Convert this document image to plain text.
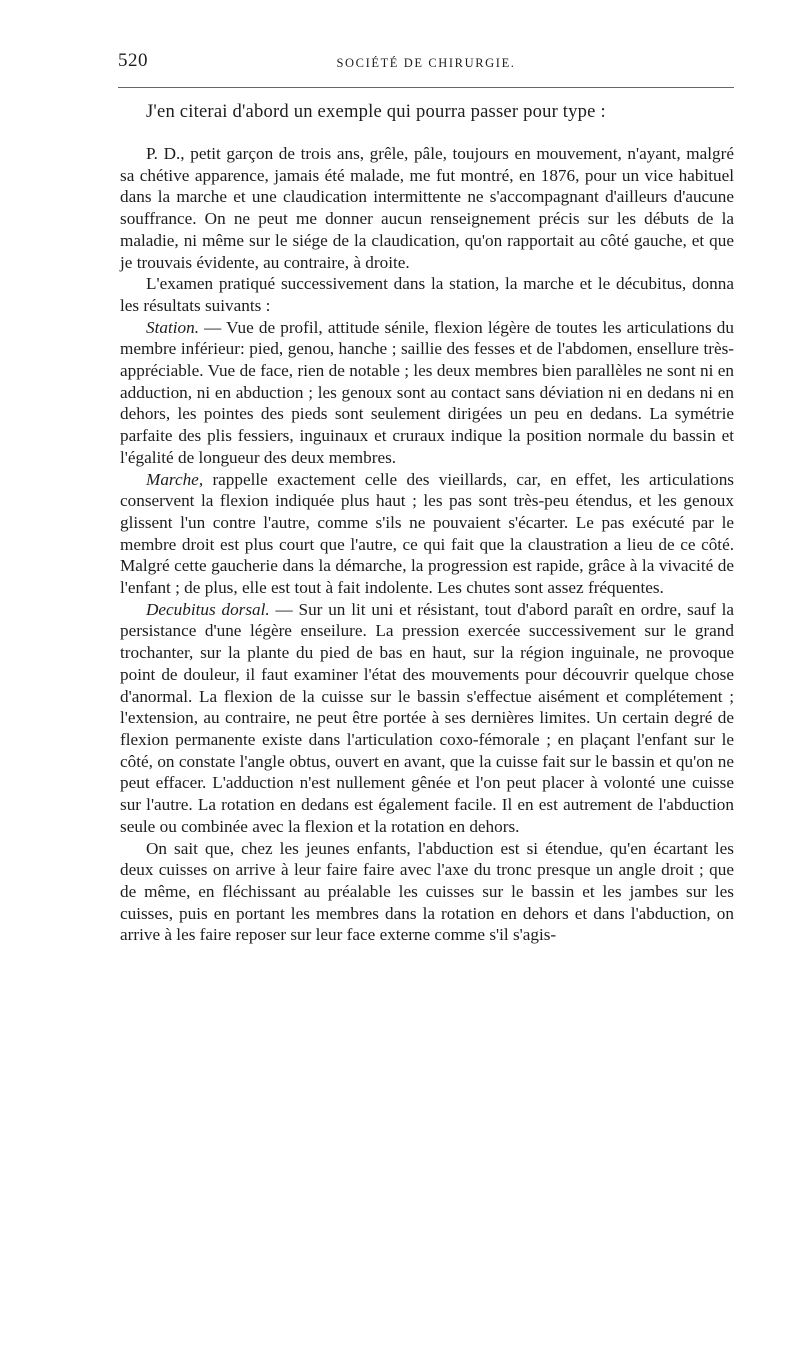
520	SOCIÉTÉ DE CHIRURGIE.

J'en citerai d'abord un exemple qui pourra passer pour type :

P. D., petit garçon de trois ans, grêle, pâle, toujours en mouvement, n'ayant, malgré sa chétive apparence, jamais été malade, me fut montré, en 1876, pour un vice habituel dans la marche et une claudication intermittente ne s'accompagnant d'ailleurs d'aucune souffrance. On ne peut me donner aucun renseignement précis sur les débuts de la maladie, ni même sur le siége de la claudication, qu'on rapportait au côté gauche, et que je trouvais évidente, au contraire, à droite.

L'examen pratiqué successivement dans la station, la marche et le décubitus, donna les résultats suivants :

Station. — Vue de profil, attitude sénile, flexion légère de toutes les articulations du membre inférieur: pied, genou, hanche ; saillie des fesses et de l'abdomen, ensellure très-appréciable. Vue de face, rien de notable ; les deux membres bien parallèles ne sont ni en adduction, ni en abduction ; les genoux sont au contact sans déviation ni en dedans ni en dehors, les pointes des pieds sont seulement dirigées un peu en dedans. La symétrie parfaite des plis fessiers, inguinaux et cruraux indique la position normale du bassin et l'égalité de longueur des deux membres.

Marche, rappelle exactement celle des vieillards, car, en effet, les articulations conservent la flexion indiquée plus haut ; les pas sont très-peu étendus, et les genoux glissent l'un contre l'autre, comme s'ils ne pouvaient s'écarter. Le pas exécuté par le membre droit est plus court que l'autre, ce qui fait que la claustration a lieu de ce côté. Malgré cette gaucherie dans la démarche, la progression est rapide, grâce à la vivacité de l'enfant ; de plus, elle est tout à fait indolente. Les chutes sont assez fréquentes.

Decubitus dorsal. — Sur un lit uni et résistant, tout d'abord paraît en ordre, sauf la persistance d'une légère enseilure. La pression exercée successivement sur le grand trochanter, sur la plante du pied de bas en haut, sur la région inguinale, ne provoque point de douleur, il faut examiner l'état des mouvements pour découvrir quelque chose d'anormal. La flexion de la cuisse sur le bassin s'effectue aisément et complétement ; l'extension, au contraire, ne peut être portée à ses dernières limites. Un certain degré de flexion permanente existe dans l'articulation coxo-fémorale ; en plaçant l'enfant sur le côté, on constate l'angle obtus, ouvert en avant, que la cuisse fait sur le bassin et qu'on ne peut effacer. L'adduction n'est nullement gênée et l'on peut placer à volonté une cuisse sur l'autre. La rotation en dedans est également facile. Il en est autrement de l'abduction seule ou combinée avec la flexion et la rotation en dehors.

On sait que, chez les jeunes enfants, l'abduction est si étendue, qu'en écartant les deux cuisses on arrive à leur faire faire avec l'axe du tronc presque un angle droit ; que de même, en fléchissant au préalable les cuisses sur le bassin et les jambes sur les cuisses, puis en portant les membres dans la rotation en dehors et dans l'abduction, on arrive à les faire reposer sur leur face externe comme s'il s'agis-
